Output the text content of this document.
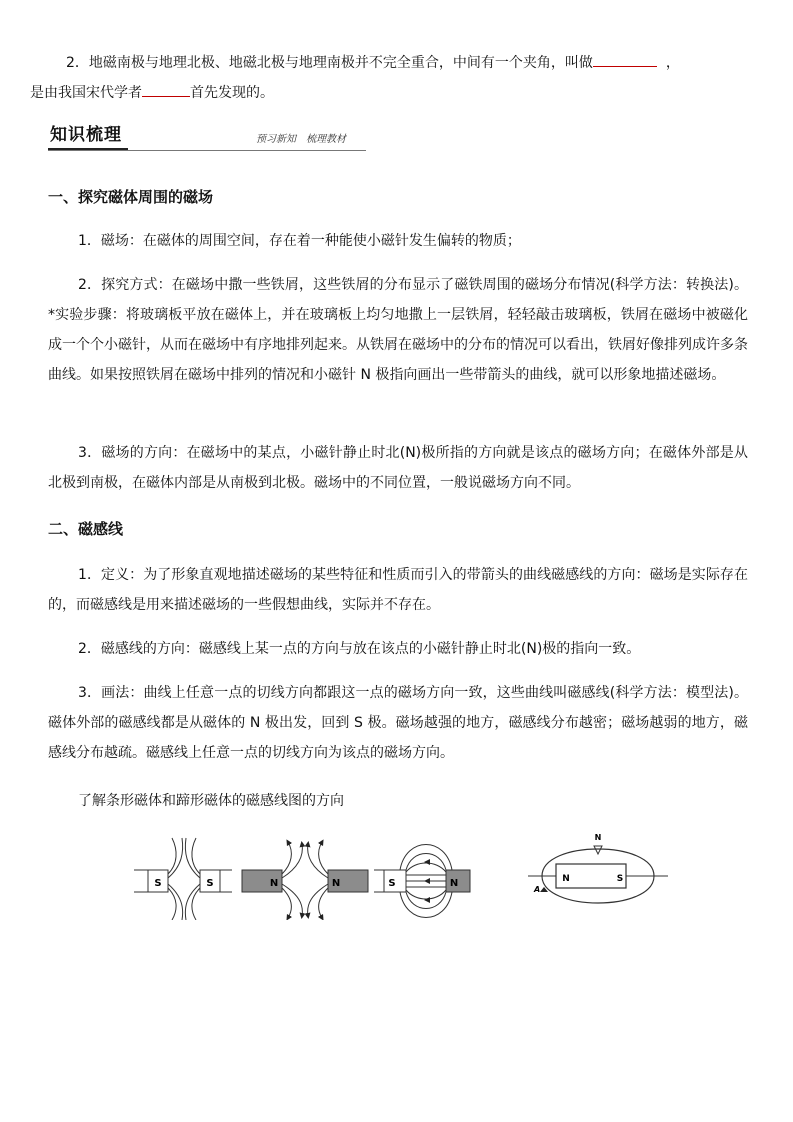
2．地磁南极与地理北极、地磁北极与地理南极并不完全重合，中间有一个夹角，叫做	，
是由我国宋代学者	首先发现的。

知识梳理	预习新知 梳理教材
一、探究磁体周围的磁场

1．磁场：在磁体的周围空间，存在着一种能使小磁针发生偏转的物质；

2．探究方式：在磁场中撒一些铁屑，这些铁屑的分布显示了磁铁周围的磁场分布情况(科学方法：转换法)。*实验步骤：将玻璃板平放在磁体上，并在玻璃板上均匀地撒上一层铁屑，轻轻敲击玻璃板，铁屑在磁场中被磁化成一个个小磁针，从而在磁场中有序地排列起来。从铁屑在磁场中的分布的情况可以看出，铁屑好像排列成许多条曲线。如果按照铁屑在磁场中排列的情况和小磁针 N 极指向画出一些带箭头的曲线，就可以形象地描述磁场。

3．磁场的方向：在磁场中的某点，小磁针静止时北(N)极所指的方向就是该点的磁场方向；在磁体外部是从北极到南极，在磁体内部是从南极到北极。磁场中的不同位置，一般说磁场方向不同。

二、磁感线

1．定义：为了形象直观地描述磁场的某些特征和性质而引入的带箭头的曲线磁感线的方向：磁场是实际存在的，而磁感线是用来描述磁场的一些假想曲线，实际并不存在。

2．磁感线的方向：磁感线上某一点的方向与放在该点的小磁针静止时北(N)极的指向一致。

3．画法：曲线上任意一点的切线方向都跟这一点的磁场方向一致，这些曲线叫磁感线(科学方法：模型法)。磁体外部的磁感线都是从磁体的 N 极出发，回到 S 极。磁场越强的地方，磁感线分布越密；磁场越弱的地方，磁感线分布越疏。磁感线上任意一点的切线方向为该点的磁场方向。

了解条形磁体和蹄形磁体的磁感线图的方向

S	S	N	N	S	N
N
N	S
A
